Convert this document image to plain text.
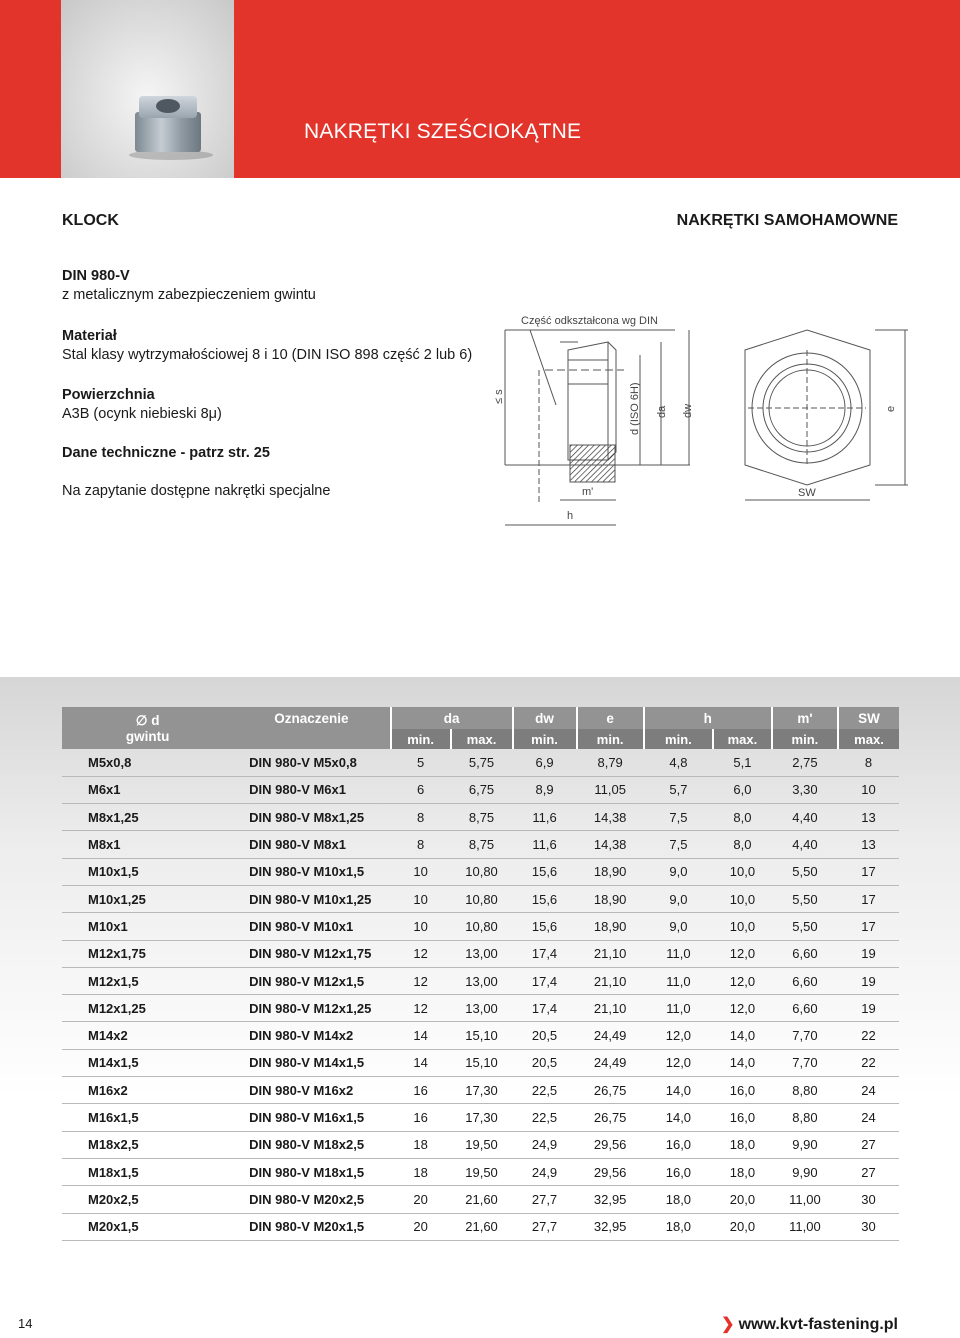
NAKRĘTKI SZEŚCIOKĄTNE
KLOCK	NAKRĘTKI SAMOHAMOWNE
DIN 980-V
z metalicznym zabezpieczeniem gwintu
Materiał
Stal klasy wytrzymałościowej 8 i 10 (DIN ISO 898 część 2 lub 6)
Powierzchnia
A3B (ocynk niebieski 8μ)
Dane techniczne - patrz str. 25
Na zapytanie dostępne nakrętki specjalne
Część odkształcona wg DIN
≤ s	d (ISO 6H) da dw	e
m'
h
SW
∅ d
gwintu	Oznaczenie	da		dw	e	h		m'	SW
		min.	max.	min.	min.	min.	max.	min.	max.
M5x0,8	DIN 980-V M5x0,8	5	5,75	6,9	8,79	4,8	5,1	2,75	8
M6x1	DIN 980-V M6x1	6	6,75	8,9	11,05	5,7	6,0	3,30	10
M8x1,25	DIN 980-V M8x1,25	8	8,75	11,6	14,38	7,5	8,0	4,40	13
M8x1	DIN 980-V M8x1	8	8,75	11,6	14,38	7,5	8,0	4,40	13
M10x1,5	DIN 980-V M10x1,5	10	10,80	15,6	18,90	9,0	10,0	5,50	17
M10x1,25	DIN 980-V M10x1,25	10	10,80	15,6	18,90	9,0	10,0	5,50	17
M10x1	DIN 980-V M10x1	10	10,80	15,6	18,90	9,0	10,0	5,50	17
M12x1,75	DIN 980-V M12x1,75	12	13,00	17,4	21,10	11,0	12,0	6,60	19
M12x1,5	DIN 980-V M12x1,5	12	13,00	17,4	21,10	11,0	12,0	6,60	19
M12x1,25	DIN 980-V M12x1,25	12	13,00	17,4	21,10	11,0	12,0	6,60	19
M14x2	DIN 980-V M14x2	14	15,10	20,5	24,49	12,0	14,0	7,70	22
M14x1,5	DIN 980-V M14x1,5	14	15,10	20,5	24,49	12,0	14,0	7,70	22
M16x2	DIN 980-V M16x2	16	17,30	22,5	26,75	14,0	16,0	8,80	24
M16x1,5	DIN 980-V M16x1,5	16	17,30	22,5	26,75	14,0	16,0	8,80	24
M18x2,5	DIN 980-V M18x2,5	18	19,50	24,9	29,56	16,0	18,0	9,90	27
M18x1,5	DIN 980-V M18x1,5	18	19,50	24,9	29,56	16,0	18,0	9,90	27
M20x2,5	DIN 980-V M20x2,5	20	21,60	27,7	32,95	18,0	20,0	11,00	30
M20x1,5	DIN 980-V M20x1,5	20	21,60	27,7	32,95	18,0	20,0	11,00	30
14	❯ www.kvt-fastening.pl
